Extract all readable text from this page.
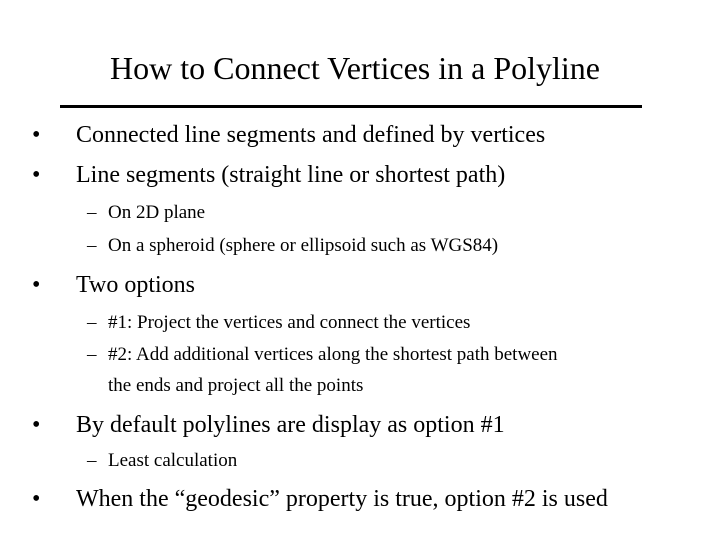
How to Connect Vertices in a Polyline
• Connected line segments and defined by vertices
• Line segments (straight line or shortest path)
– On 2D plane
– On a spheroid (sphere or ellipsoid such as WGS84)
• Two options
– #1: Project the vertices and connect the vertices
– #2: Add additional vertices along the shortest path between
the ends and project all the points
• By default polylines are display as option #1
– Least calculation
• When the “geodesic” property is true, option #2 is used
